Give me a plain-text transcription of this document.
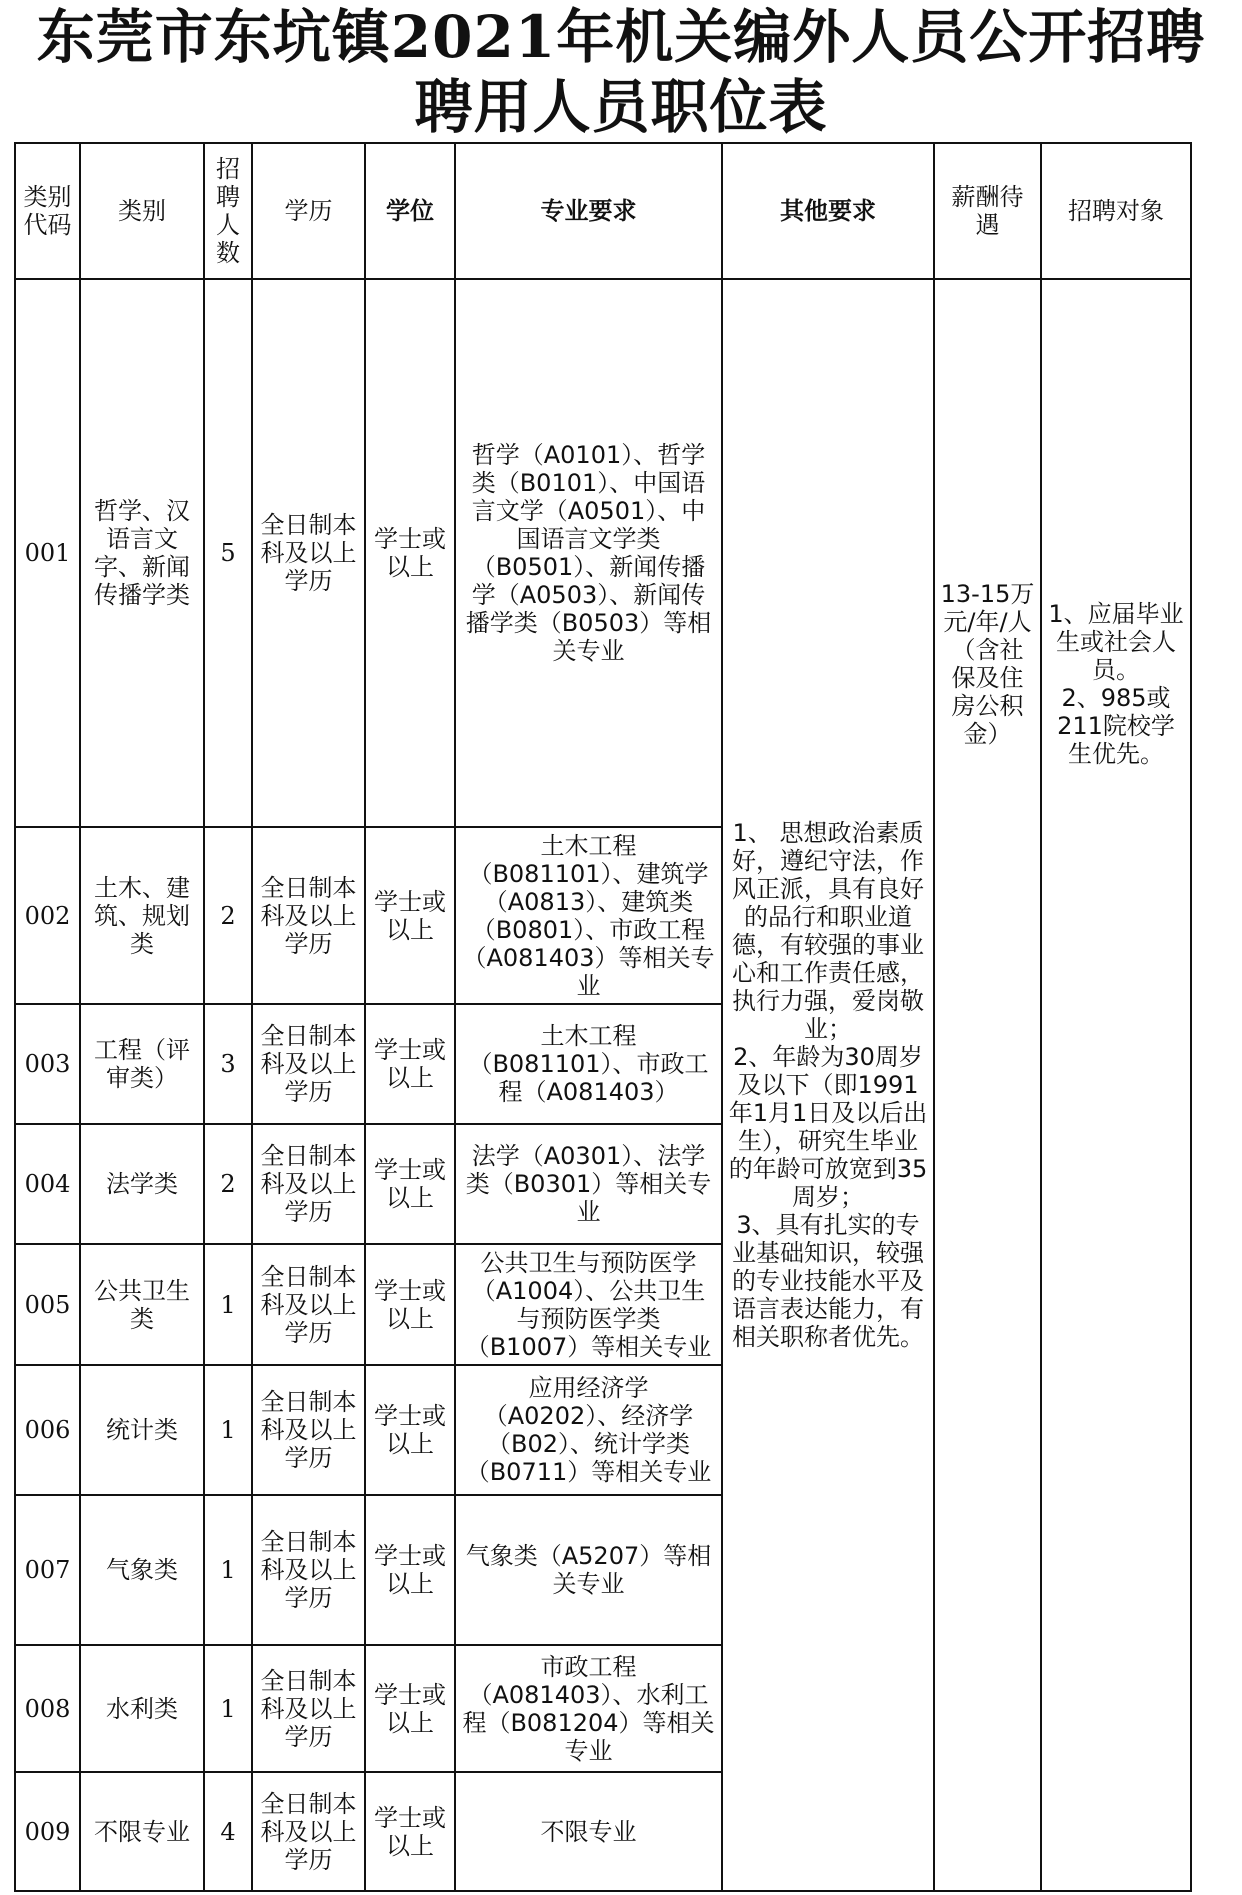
东莞市东坑镇2021年机关编外人员公开招聘
聘用人员职位表
类别代码	类别	招聘人数	学历	学位	专业要求	其他要求	薪酬待遇	招聘对象
001	哲学、汉语言文字、新闻传播学类	5	全日制本科及以上学历	学士或以上	哲学（A0101）、哲学类（B0101）、中国语言文学（A0501）、中国语言文学类（B0501）、新闻传播学（A0503）、新闻传播学类（B0503）等相关专业	1、 思想政治素质好，遵纪守法，作风正派，具有良好的品行和职业道德，有较强的事业心和工作责任感，执行力强，爱岗敬业；
2、年龄为30周岁及以下（即1991年1月1日及以后出生），研究生毕业的年龄可放宽到35周岁；
3、具有扎实的专业基础知识，较强的专业技能水平及语言表达能力，有相关职称者优先。	13-15万元/年/人（含社保及住房公积金）	1、应届毕业生或社会人员。
2、985或211院校学生优先。

002	土木、建筑、规划类	2	全日制本科及以上学历	学士或以上	土木工程（B081101）、建筑学（A0813）、建筑类（B0801）、市政工程（A081403）等相关专业			
003	工程（评审类）	3	全日制本科及以上学历	学士或以上	土木工程（B081101）、市政工程（A081403）			
004	法学类	2	全日制本科及以上学历	学士或以上	法学（A0301）、法学类（B0301）等相关专业			
005	公共卫生类	1	全日制本科及以上学历	学士或以上	公共卫生与预防医学（A1004）、公共卫生与预防医学类（B1007）等相关专业			
006	统计类	1	全日制本科及以上学历	学士或以上	应用经济学（A0202）、经济学（B02）、统计学类（B0711）等相关专业			
007	气象类	1	全日制本科及以上学历	学士或以上	气象类（A5207）等相关专业			
008	水利类	1	全日制本科及以上学历	学士或以上	市政工程（A081403）、水利工程（B081204）等相关专业			
009	不限专业	4	全日制本科及以上学历	学士或以上	不限专业			
